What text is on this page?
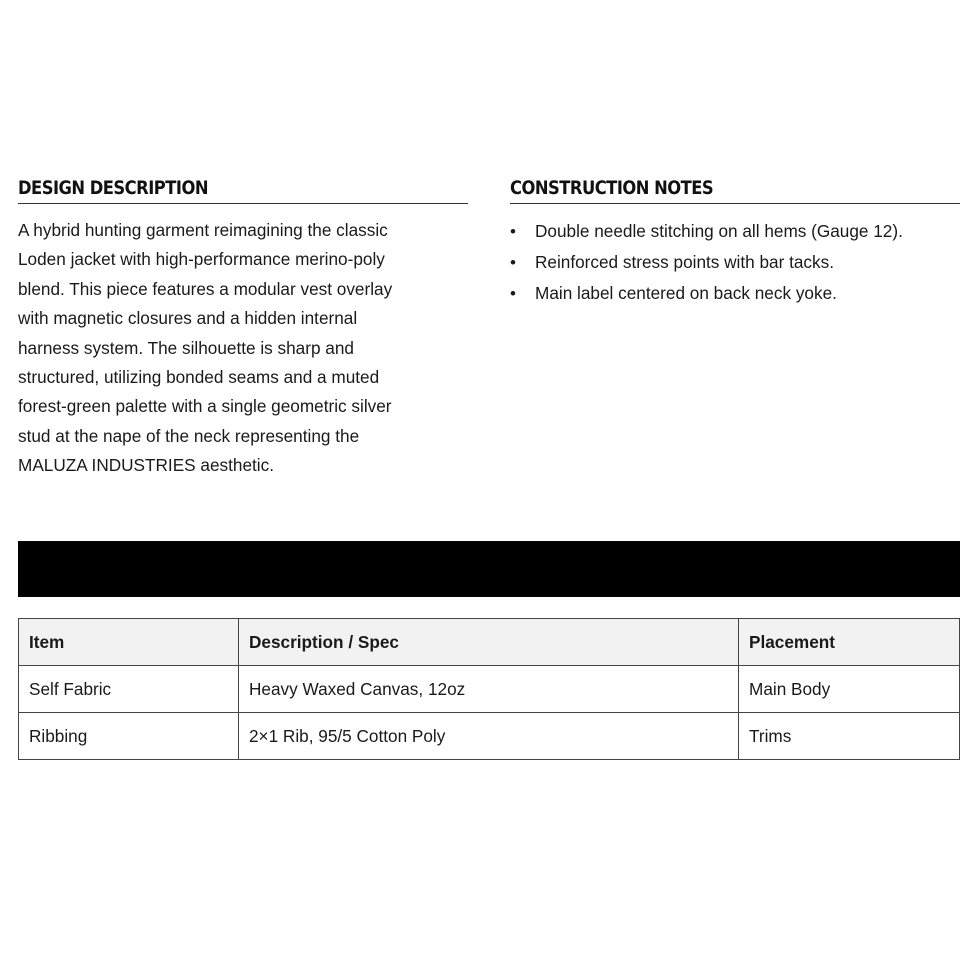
DESIGN DESCRIPTION

A hybrid hunting garment reimagining the classic
Loden jacket with high-performance merino-poly
blend. This piece features a modular vest overlay
with magnetic closures and a hidden internal
harness system. The silhouette is sharp and
structured, utilizing bonded seams and a muted
forest-green palette with a single geometric silver
stud at the nape of the neck representing the
MALUZA INDUSTRIES aesthetic.

CONSTRUCTION NOTES
• Double needle stitching on all hems (Gauge 12).
• Reinforced stress points with bar tacks.
• Main label centered on back neck yoke.
Item	Description / Spec	Placement
Self Fabric	Heavy Waxed Canvas, 12oz	Main Body
Ribbing	2×1 Rib, 95/5 Cotton Poly	Trims
